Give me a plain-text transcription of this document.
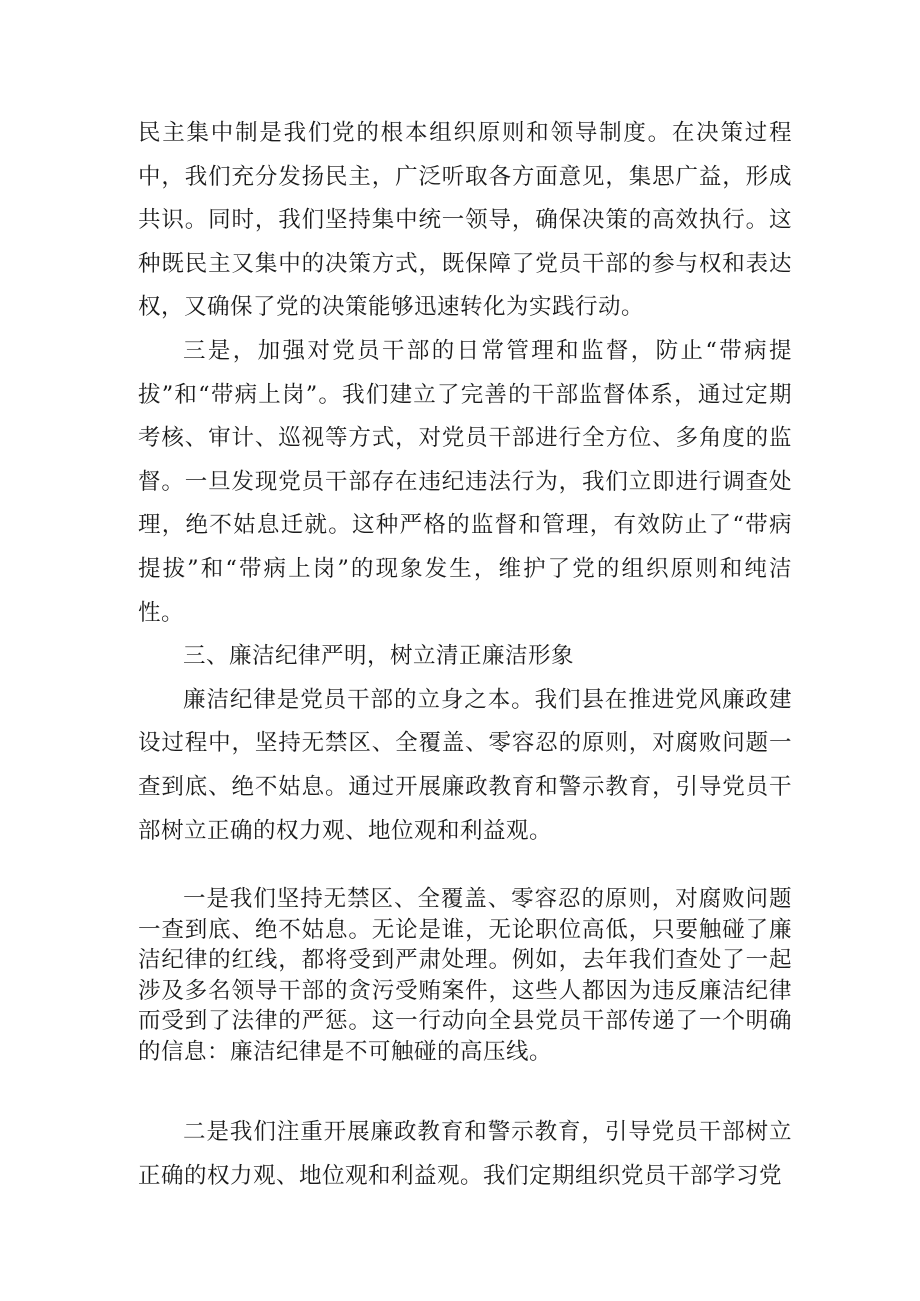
民主集中制是我们党的根本组织原则和领导制度。在决策过程中，我们充分发扬民主，广泛听取各方面意见，集思广益，形成共识。同时，我们坚持集中统一领导，确保决策的高效执行。这种既民主又集中的决策方式，既保障了党员干部的参与权和表达权，又确保了党的决策能够迅速转化为实践行动。

三是，加强对党员干部的日常管理和监督，防止“带病提拔”和“带病上岗”。我们建立了完善的干部监督体系，通过定期考核、审计、巡视等方式，对党员干部进行全方位、多角度的监督。一旦发现党员干部存在违纪违法行为，我们立即进行调查处理，绝不姑息迁就。这种严格的监督和管理，有效防止了“带病提拔”和“带病上岗”的现象发生，维护了党的组织原则和纯洁性。

三、廉洁纪律严明，树立清正廉洁形象

廉洁纪律是党员干部的立身之本。我们县在推进党风廉政建设过程中，坚持无禁区、全覆盖、零容忍的原则，对腐败问题一查到底、绝不姑息。通过开展廉政教育和警示教育，引导党员干部树立正确的权力观、地位观和利益观。

一是我们坚持无禁区、全覆盖、零容忍的原则，对腐败问题一查到底、绝不姑息。无论是谁，无论职位高低，只要触碰了廉洁纪律的红线，都将受到严肃处理。例如，去年我们查处了一起涉及多名领导干部的贪污受贿案件，这些人都因为违反廉洁纪律而受到了法律的严惩。这一行动向全县党员干部传递了一个明确的信息：廉洁纪律是不可触碰的高压线。

二是我们注重开展廉政教育和警示教育，引导党员干部树立正确的权力观、地位观和利益观。我们定期组织党员干部学习党
